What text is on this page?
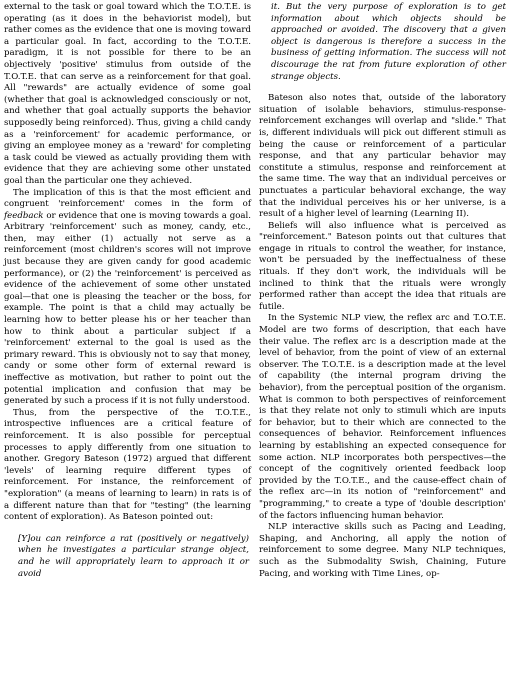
external to the task or goal toward which the T.O.T.E. is operating (as it does in the behaviorist model), but rather comes as the evidence that one is moving toward a particular goal. In fact, according to the T.O.T.E. paradigm, it is not possible for there to be an objectively 'positive' stimulus from outside of the T.O.T.E. that can serve as a reinforcement for that goal. All "rewards" are actually evidence of some goal (whether that goal is acknowledged consciously or not, and whether that goal actually supports the behavior supposedly being reinforced). Thus, giving a child candy as a 'reinforcement' for academic performance, or giving an employee money as a 'reward' for completing a task could be viewed as actually providing them with evidence that they are achieving some other unstated goal than the particular one they achieved.

The implication of this is that the most efficient and congruent 'reinforcement' comes in the form of feedback or evidence that one is moving towards a goal. Arbitrary 'reinforcement' such as money, candy, etc., then, may either (1) actually not serve as a reinforcement (most children's scores will not improve just because they are given candy for good academic performance), or (2) the 'reinforcement' is perceived as evidence of the achievement of some other unstated goal—that one is pleasing the teacher or the boss, for example. The point is that a child may actually be learning how to better please his or her teacher than how to think about a particular subject if a 'reinforcement' external to the goal is used as the primary reward. This is obviously not to say that money, candy or some other form of external reward is ineffective as motivation, but rather to point out the potential implication and confusion that may be generated by such a process if it is not fully understood.

Thus, from the perspective of the T.O.T.E., introspective influences are a critical feature of reinforcement. It is also possible for perceptual processes to apply differently from one situation to another. Gregory Bateson (1972) argued that different 'levels' of learning require different types of reinforcement. For instance, the reinforcement of "exploration" (a means of learning to learn) in rats is of a different nature than that for "testing" (the learning content of exploration). As Bateson pointed out:

[Y]ou can reinforce a rat (positively or negatively) when he investigates a particular strange object, and he will appropriately learn to approach it or avoid
it. But the very purpose of exploration is to get information about which objects should be approached or avoided. The discovery that a given object is dangerous is therefore a success in the business of getting information. The success will not discourage the rat from future exploration of other strange objects.

Bateson also notes that, outside of the laboratory situation of isolable behaviors, stimulus-response-reinforcement exchanges will overlap and "slide." That is, different individuals will pick out different stimuli as being the cause or reinforcement of a particular response, and that any particular behavior may constitute a stimulus, response and reinforcement at the same time. The way that an individual perceives or punctuates a particular behavioral exchange, the way that the individual perceives his or her universe, is a result of a higher level of learning (Learning II).

Beliefs will also influence what is perceived as "reinforcement." Bateson points out that cultures that engage in rituals to control the weather, for instance, won't be persuaded by the ineffectualness of these rituals. If they don't work, the individuals will be inclined to think that the rituals were wrongly performed rather than accept the idea that rituals are futile.

In the Systemic NLP view, the reflex arc and T.O.T.E. Model are two forms of description, that each have their value. The reflex arc is a description made at the level of behavior, from the point of view of an external observer. The T.O.T.E. is a description made at the level of capability (the internal program driving the behavior), from the perceptual position of the organism. What is common to both perspectives of reinforcement is that they relate not only to stimuli which are inputs for behavior, but to their which are connected to the consequences of behavior. Reinforcement influences learning by establishing an expected consequence for some action. NLP incorporates both perspectives—the concept of the cognitively oriented feedback loop provided by the T.O.T.E., and the cause-effect chain of the reflex arc—in its notion of "reinforcement" and "programming," to create a type of 'double description' of the factors influencing human behavior.

NLP interactive skills such as Pacing and Leading, Shaping, and Anchoring, all apply the notion of reinforcement to some degree. Many NLP techniques, such as the Submodality Swish, Chaining, Future Pacing, and working with Time Lines, op-
